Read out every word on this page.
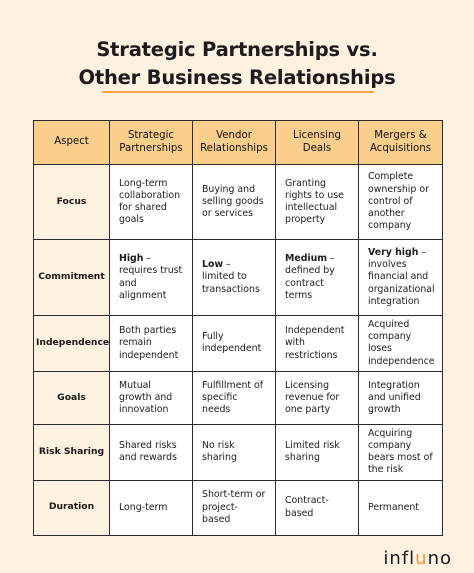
Strategic Partnerships vs.
Other Business Relationships
Aspect	Strategic Partnerships	Vendor Relationships	Licensing Deals	Mergers & Acquisitions
Focus	Long-term collaboration for shared goals	Buying and selling goods or services	Granting rights to use intellectual property	Complete ownership or control of another company
Commitment	High – requires trust and alignment	Low – limited to transactions	Medium – defined by contract terms	Very high – involves financial and organizational integration
Independence	Both parties remain independent	Fully independent	Independent with restrictions	Acquired company loses independence
Goals	Mutual growth and innovation	Fulfillment of specific needs	Licensing revenue for one party	Integration and unified growth
Risk Sharing	Shared risks and rewards	No risk sharing	Limited risk sharing	Acquiring company bears most of the risk
Duration	Long-term	Short-term or project-based	Contract-based	Permanent
influno
